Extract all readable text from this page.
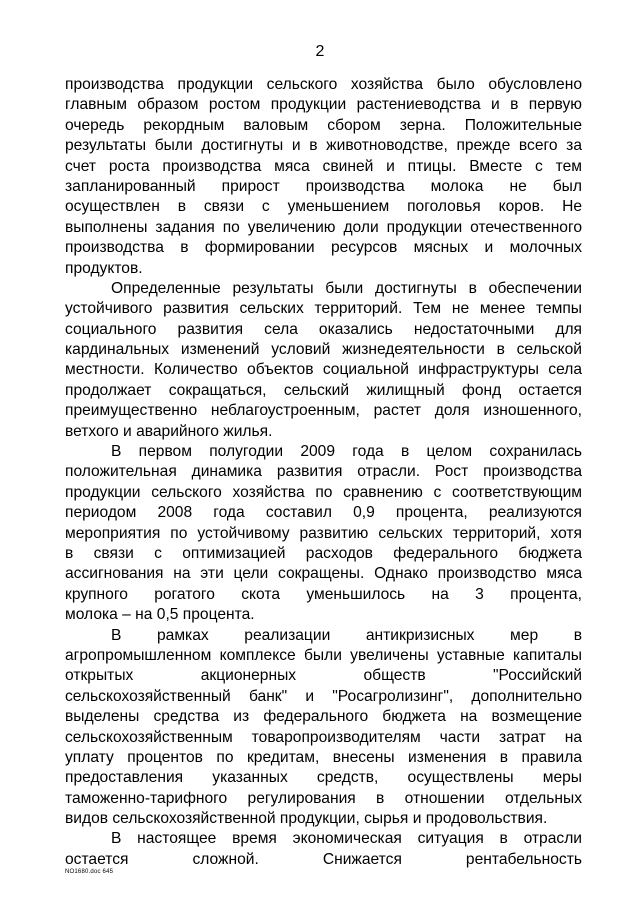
2
производства продукции сельского хозяйства было обусловлено
главным образом ростом продукции растениеводства и в первую
очередь рекордным валовым сбором зерна. Положительные
результаты были достигнуты и в животноводстве, прежде всего за
счет роста производства мяса свиней и птицы. Вместе с тем
запланированный прирост производства молока не был
осуществлен в связи с уменьшением поголовья коров. Не
выполнены задания по увеличению доли продукции отечественного
производства в формировании ресурсов мясных и молочных
продуктов.
Определенные результаты были достигнуты в обеспечении
устойчивого развития сельских территорий. Тем не менее темпы
социального развития села оказались недостаточными для
кардинальных изменений условий жизнедеятельности в сельской
местности. Количество объектов социальной инфраструктуры села
продолжает сокращаться, сельский жилищный фонд остается
преимущественно неблагоустроенным, растет доля изношенного,
ветхого и аварийного жилья.
В первом полугодии 2009 года в целом сохранилась
положительная динамика развития отрасли. Рост производства
продукции сельского хозяйства по сравнению с соответствующим
периодом 2008 года составил 0,9 процента, реализуются
мероприятия по устойчивому развитию сельских территорий, хотя
в связи с оптимизацией расходов федерального бюджета
ассигнования на эти цели сокращены. Однако производство мяса
крупного рогатого скота уменьшилось на 3 процента,
молока – на 0,5 процента.
В рамках реализации антикризисных мер в
агропромышленном комплексе были увеличены уставные капиталы
открытых акционерных обществ "Российский
сельскохозяйственный банк" и "Росагролизинг", дополнительно
выделены средства из федерального бюджета на возмещение
сельскохозяйственным товаропроизводителям части затрат на
уплату процентов по кредитам, внесены изменения в правила
предоставления указанных средств, осуществлены меры
таможенно-тарифного регулирования в отношении отдельных
видов сельскохозяйственной продукции, сырья и продовольствия.
В настоящее время экономическая ситуация в отрасли
остается сложной. Снижается рентабельность
NO1680.doc 645
